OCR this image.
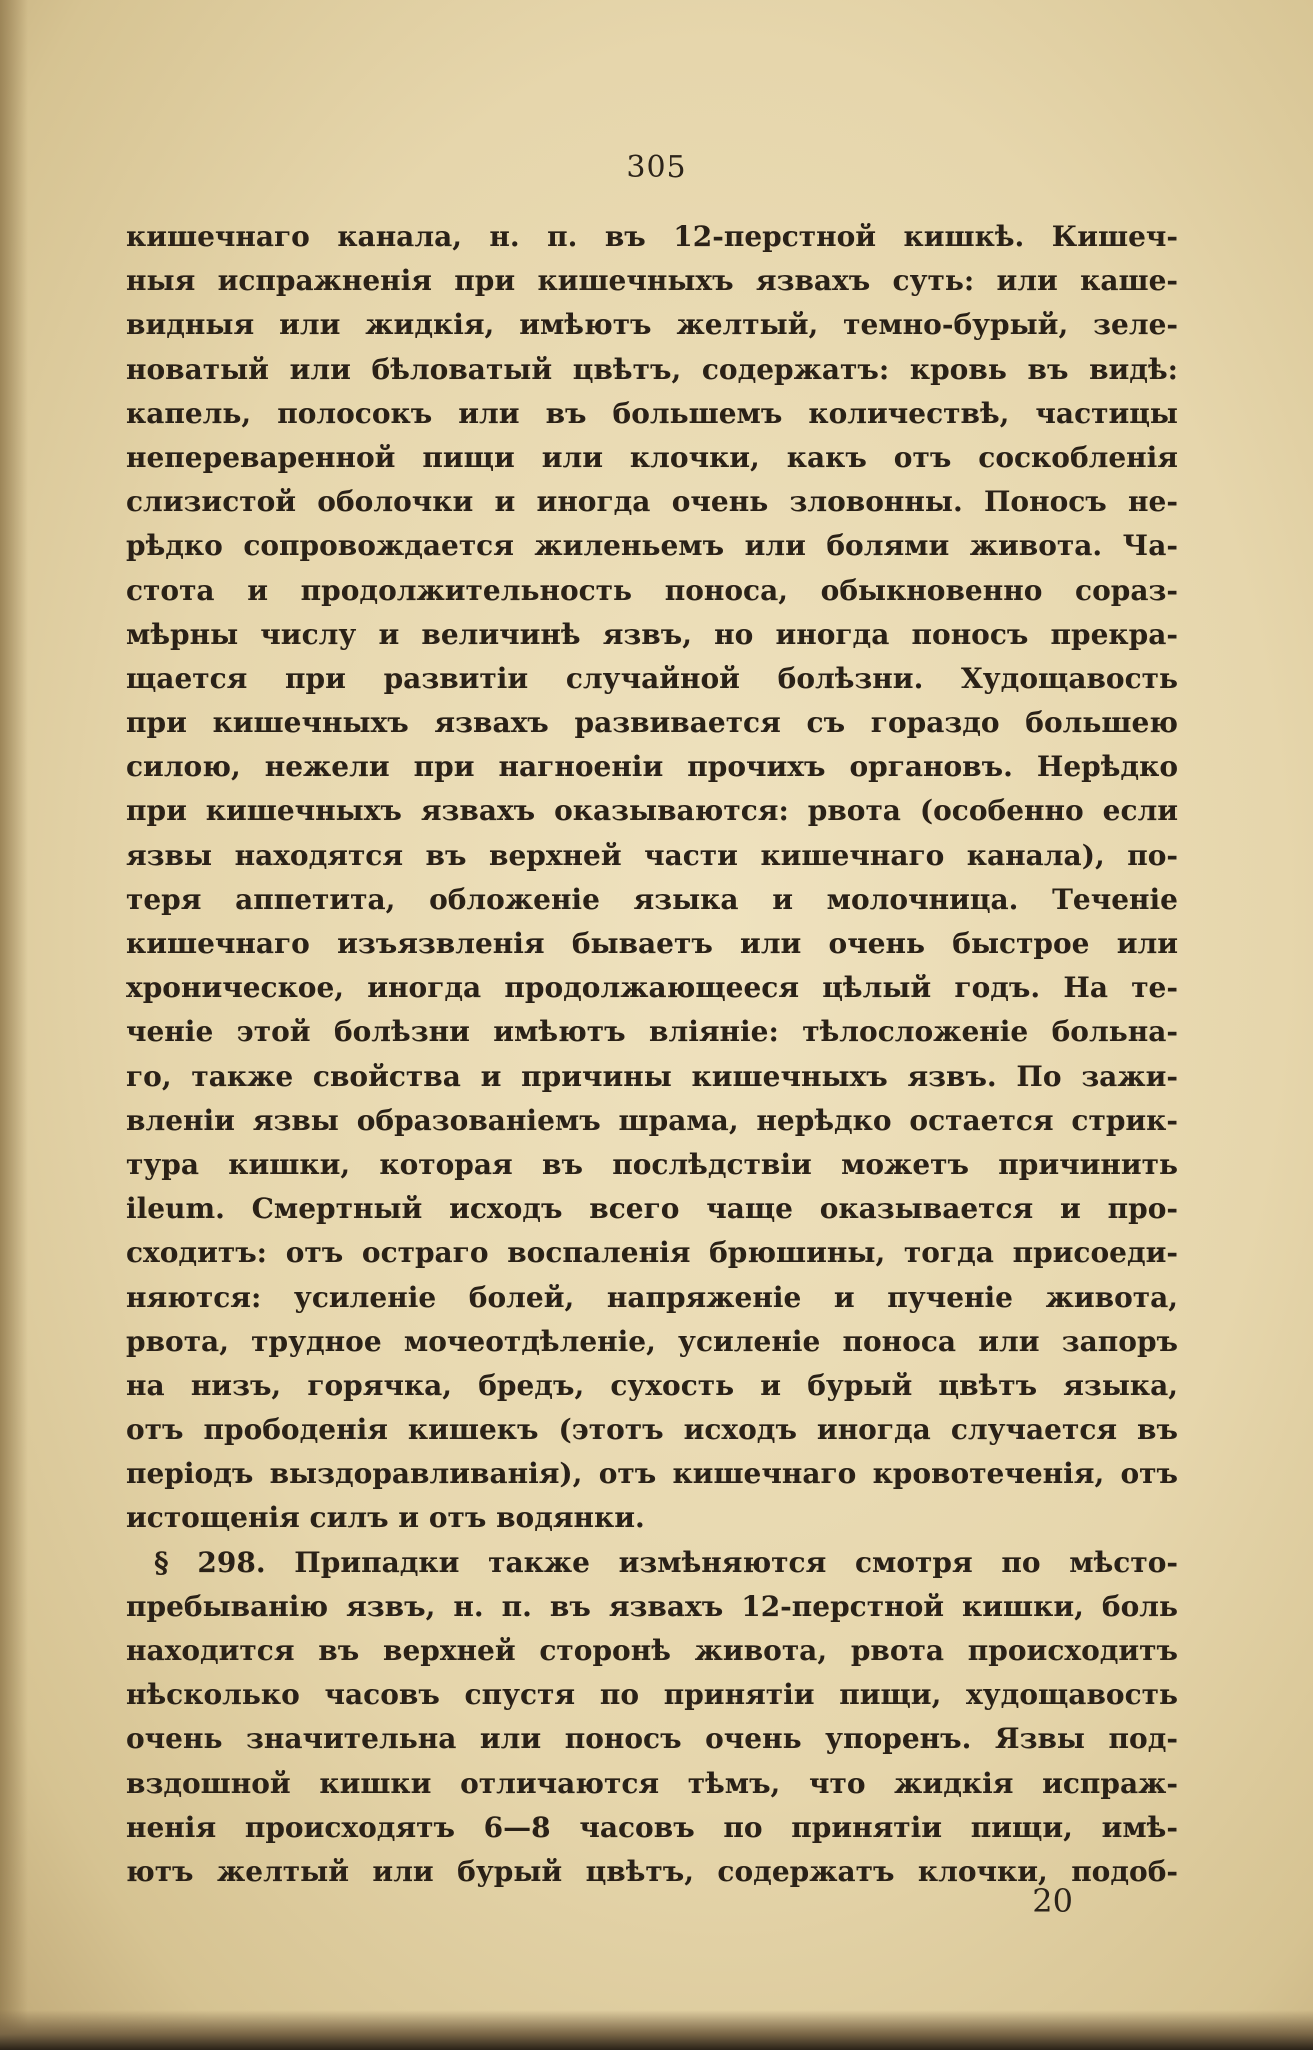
305
кишечнаго канала, н. п. въ 12-перстной кишкѣ. Кишеч-
ныя испражненія при кишечныхъ язвахъ суть: или каше-
видныя или жидкія, имѣютъ желтый, темно-бурый, зеле-
новатый или бѣловатый цвѣтъ, содержатъ: кровь въ видѣ:
капель, полосокъ или въ большемъ количествѣ, частицы
непереваренной пищи или клочки, какъ отъ соскобленія
слизистой оболочки и иногда очень зловонны. Поносъ не-
рѣдко сопровождается жиленьемъ или болями живота. Ча-
стота и продолжительность поноса, обыкновенно сораз-
мѣрны числу и величинѣ язвъ, но иногда поносъ прекра-
щается при развитіи случайной болѣзни. Худощавость
при кишечныхъ язвахъ развивается съ гораздо большею
силою, нежели при нагноеніи прочихъ органовъ. Нерѣдко
при кишечныхъ язвахъ оказываются: рвота (особенно если
язвы находятся въ верхней части кишечнаго канала), по-
теря аппетита, обложеніе языка и молочница. Теченіе
кишечнаго изъязвленія бываетъ или очень быстрое или
хроническое, иногда продолжающееся цѣлый годъ. На те-
ченіе этой болѣзни имѣютъ вліяніе: тѣлосложеніе больна-
го, также свойства и причины кишечныхъ язвъ. По зажи-
вленіи язвы образованіемъ шрама, нерѣдко остается стрик-
тура кишки, которая въ послѣдствіи можетъ причинить
ileum. Смертный исходъ всего чаще оказывается и про-
сходитъ: отъ остраго воспаленія брюшины, тогда присоеди-
няются: усиленіе болей, напряженіе и пученіе живота,
рвота, трудное мочеотдѣленіе, усиленіе поноса или запоръ
на низъ, горячка, бредъ, сухость и бурый цвѣтъ языка,
отъ прободенія кишекъ (этотъ исходъ иногда случается въ
періодъ выздоравливанія), отъ кишечнаго кровотеченія, отъ
истощенія силъ и отъ водянки.
§ 298. Припадки также измѣняются смотря по мѣсто-
пребыванію язвъ, н. п. въ язвахъ 12-перстной кишки, боль
находится въ верхней сторонѣ живота, рвота происходитъ
нѣсколько часовъ спустя по принятіи пищи, худощавость
очень значительна или поносъ очень упоренъ. Язвы под-
вздошной кишки отличаются тѣмъ, что жидкія испраж-
ненія происходятъ 6—8 часовъ по принятіи пищи, имѣ-
ютъ желтый или бурый цвѣтъ, содержатъ клочки, подоб-
20
